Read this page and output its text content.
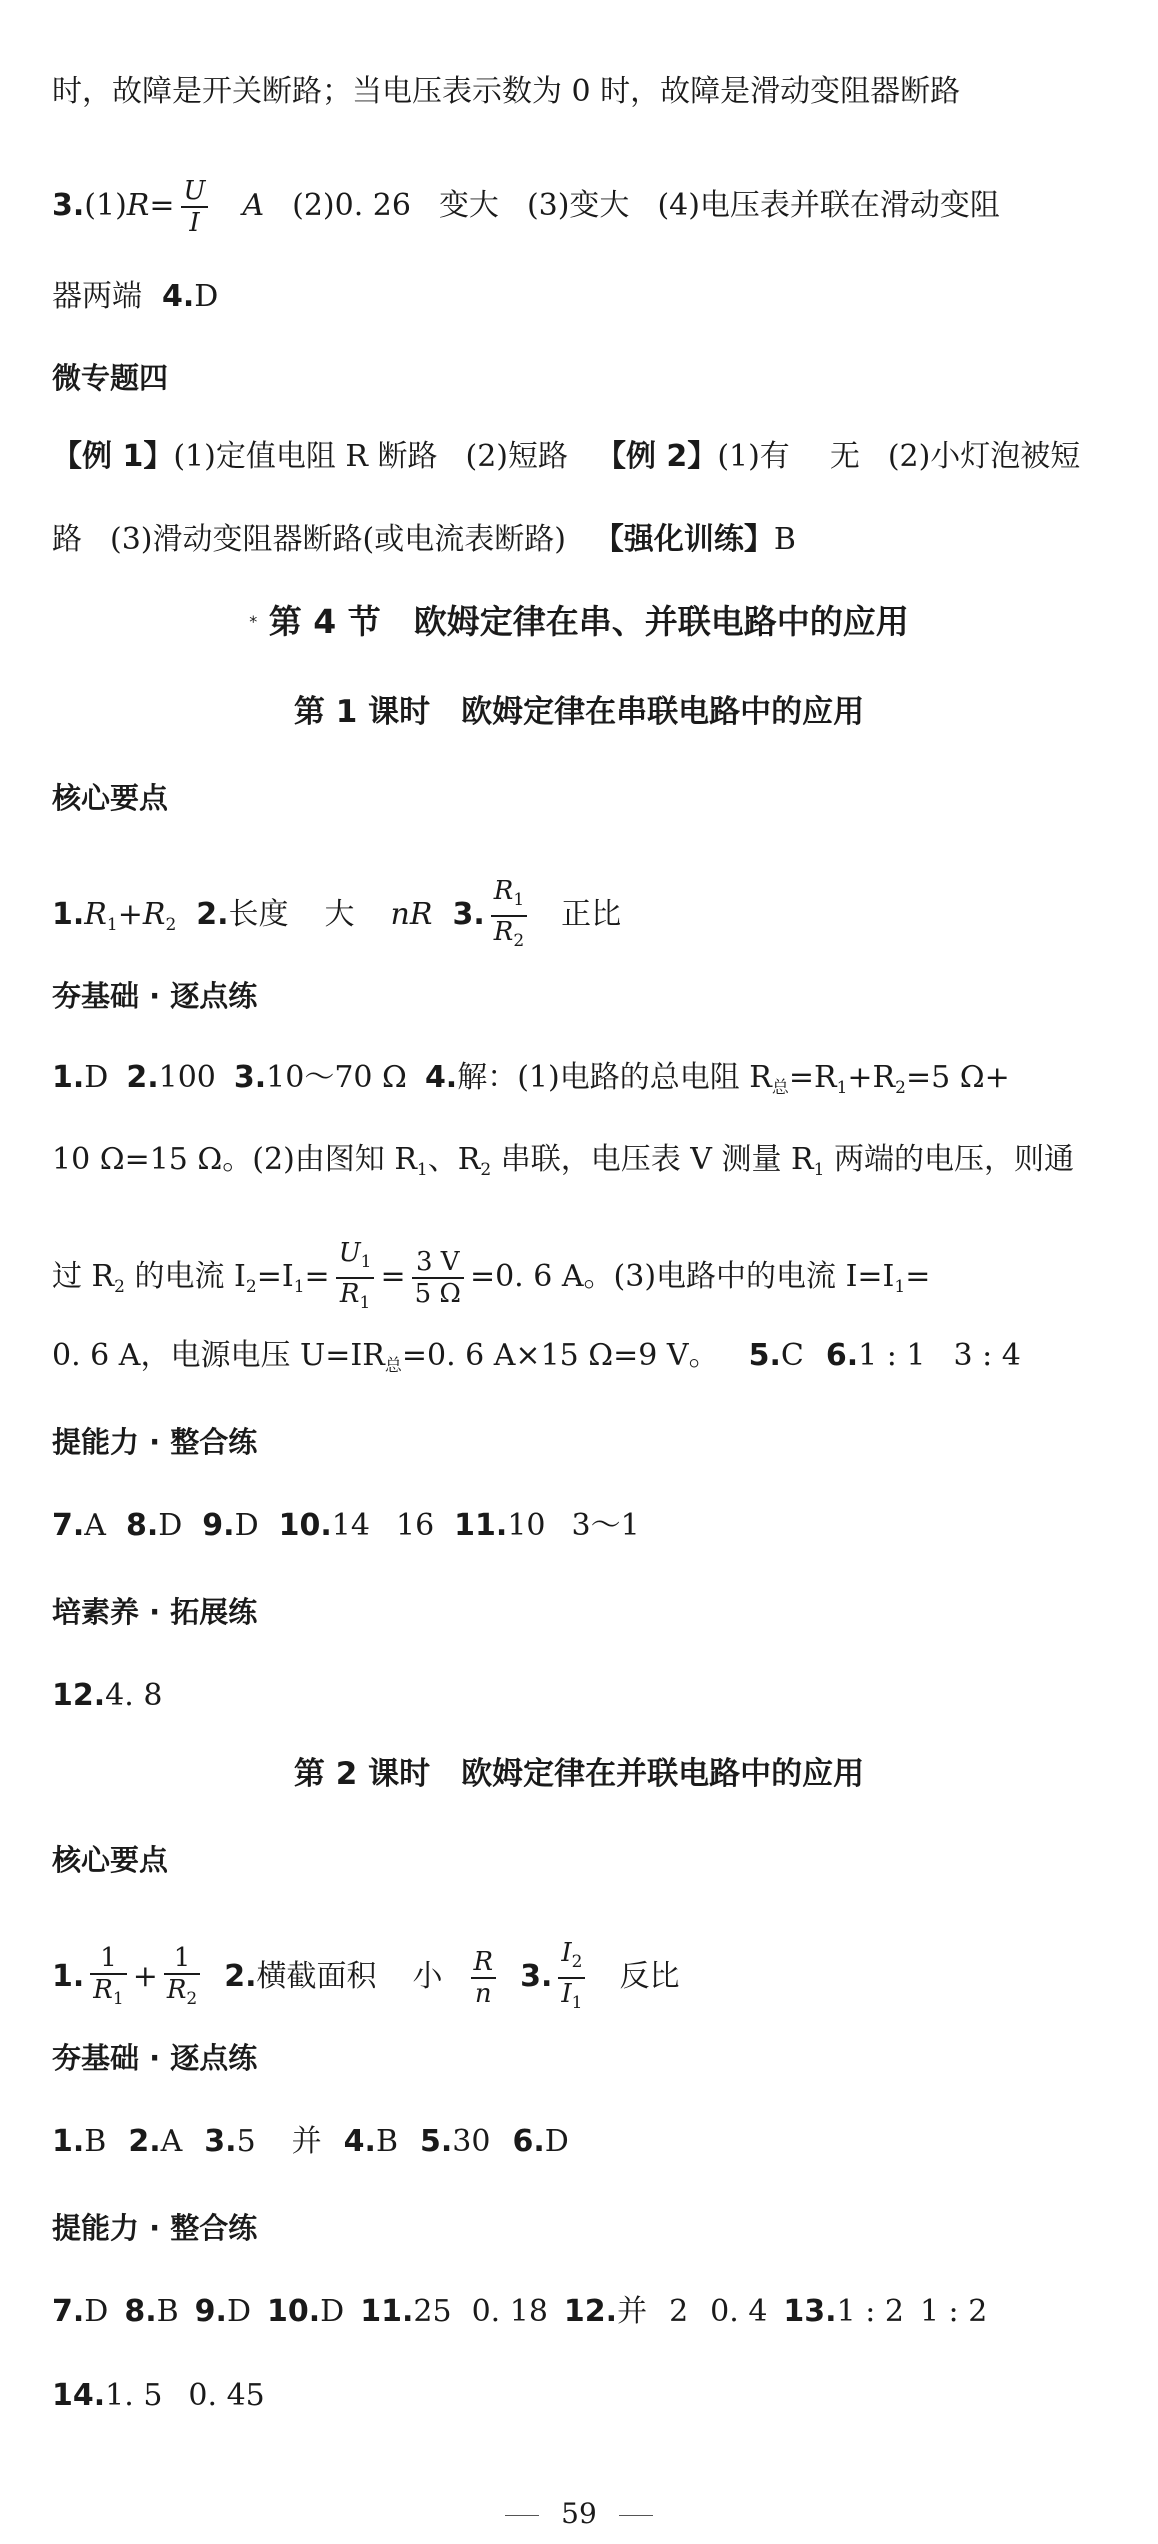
时，故障是开关断路；当电压表示数为 0 时，故障是滑动变阻器断路
$3.(1)R= \frac{U}{I}$ A (2)0. 26 变大 (3)变大 (4)电压表并联在滑动变阻
器两端 4.D
微专题四
【例 1】(1)定值电阻 R 断路 (2)短路 【例 2】(1)有 无 (2)小灯泡被短
路 (3)滑动变阻器断路(或电流表断路) 【强化训练】B
* 第 4 节　欧姆定律在串、并联电路中的应用
第 1 课时　欧姆定律在串联电路中的应用
核心要点
$1.R_1+R_2$ 2.长度 大 nR 3. $\frac{R_1}{R_2}$ 正比
夯基础 · 逐点练
1.D 2.100 3.10～70 Ω 4.解：(1)电路的总电阻 $R_总=R_1+R_2=5$ Ω+
10 Ω=15 Ω。(2)由图知 $R_1$、$R_2$ 串联，电压表 V 测量 $R_1$ 两端的电压，则通
过 $R_2$ 的电流 $I_2=I_1= \frac{U_1}{R_1} = \frac{3 V}{5 \Omega} =0$. 6 A。(3)电路中的电流 $I=I_1=$
0. 6 A，电源电压 $U=IR_总=0$. 6 A×15 Ω=9 V。 5.C 6.1 : 1 3 : 4
提能力 · 整合练
7.A 8.D 9.D 10.14 16 11.10 3～1
培素养 · 拓展练
12.4. 8
第 2 课时　欧姆定律在并联电路中的应用
核心要点
1. $\frac{1}{R_1} + \frac{1}{R_2} 2$.横截面积 小 $\frac{R}{n} 3$. $\frac{I_2}{I_1}$ 反比
夯基础 · 逐点练
1.B 2.A 3.5 并 4.B 5.30 6.D
提能力 · 整合练
7.D 8.B 9.D 10.D 11.25 0. 18 12.并 2 0. 4 13.1 : 2 1 : 2
14.1. 5 0. 45
59
